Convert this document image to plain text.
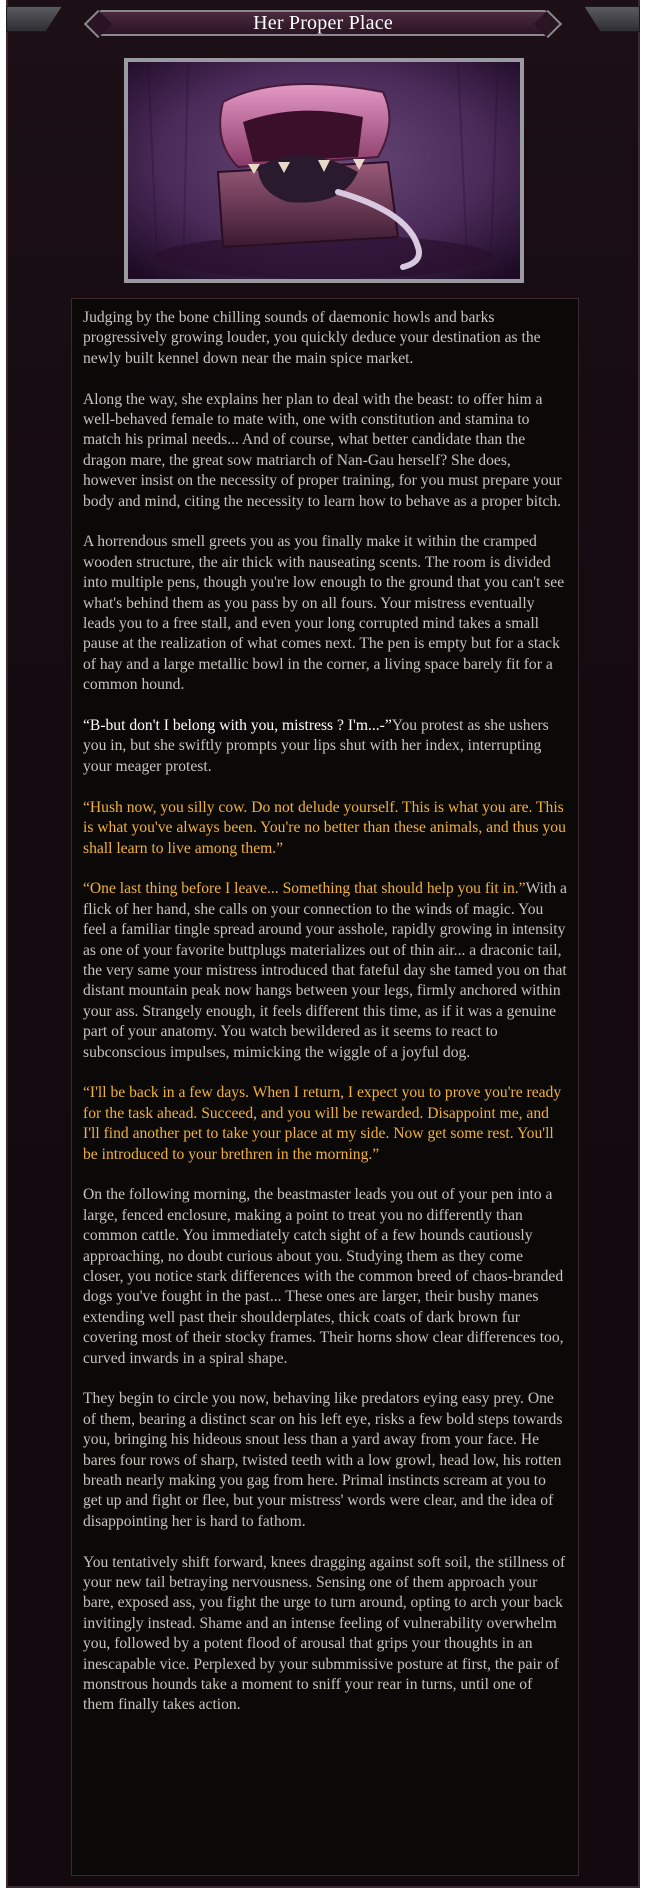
Her Proper Place

Judging by the bone chilling sounds of daemonic howls and barks progressively growing louder, you quickly deduce your destination as the newly built kennel down near the main spice market.

Along the way, she explains her plan to deal with the beast: to offer him a well-behaved female to mate with, one with constitution and stamina to match his primal needs... And of course, what better candidate than the dragon mare, the great sow matriarch of Nan-Gau herself? She does, however insist on the necessity of proper training, for you must prepare your body and mind, citing the necessity to learn how to behave as a proper bitch.

A horrendous smell greets you as you finally make it within the cramped wooden structure, the air thick with nauseating scents. The room is divided into multiple pens, though you're low enough to the ground that you can't see what's behind them as you pass by on all fours. Your mistress eventually leads you to a free stall, and even your long corrupted mind takes a small pause at the realization of what comes next. The pen is empty but for a stack of hay and a large metallic bowl in the corner, a living space barely fit for a common hound.

“B-but don't I belong with you, mistress ? I'm...-”You protest as she ushers you in, but she swiftly prompts your lips shut with her index, interrupting your meager protest.

“Hush now, you silly cow. Do not delude yourself. This is what you are. This is what you've always been. You're no better than these animals, and thus you shall learn to live among them.”

“One last thing before I leave... Something that should help you fit in.”With a flick of her hand, she calls on your connection to the winds of magic. You feel a familiar tingle spread around your asshole, rapidly growing in intensity as one of your favorite buttplugs materializes out of thin air... a draconic tail, the very same your mistress introduced that fateful day she tamed you on that distant mountain peak now hangs between your legs, firmly anchored within your ass. Strangely enough, it feels different this time, as if it was a genuine part of your anatomy. You watch bewildered as it seems to react to subconscious impulses, mimicking the wiggle of a joyful dog.

“I'll be back in a few days. When I return, I expect you to prove you're ready for the task ahead. Succeed, and you will be rewarded. Disappoint me, and I'll find another pet to take your place at my side. Now get some rest. You'll be introduced to your brethren in the morning.”

On the following morning, the beastmaster leads you out of your pen into a large, fenced enclosure, making a point to treat you no differently than common cattle. You immediately catch sight of a few hounds cautiously approaching, no doubt curious about you. Studying them as they come closer, you notice stark differences with the common breed of chaos-branded dogs you've fought in the past... These ones are larger, their bushy manes extending well past their shoulderplates, thick coats of dark brown fur covering most of their stocky frames. Their horns show clear differences too, curved inwards in a spiral shape.

They begin to circle you now, behaving like predators eying easy prey. One of them, bearing a distinct scar on his left eye, risks a few bold steps towards you, bringing his hideous snout less than a yard away from your face. He bares four rows of sharp, twisted teeth with a low growl, head low, his rotten breath nearly making you gag from here. Primal instincts scream at you to get up and fight or flee, but your mistress' words were clear, and the idea of disappointing her is hard to fathom.

You tentatively shift forward, knees dragging against soft soil, the stillness of your new tail betraying nervousness. Sensing one of them approach your bare, exposed ass, you fight the urge to turn around, opting to arch your back invitingly instead. Shame and an intense feeling of vulnerability overwhelm you, followed by a potent flood of arousal that grips your thoughts in an inescapable vice. Perplexed by your submmissive posture at first, the pair of monstrous hounds take a moment to sniff your rear in turns, until one of them finally takes action.
